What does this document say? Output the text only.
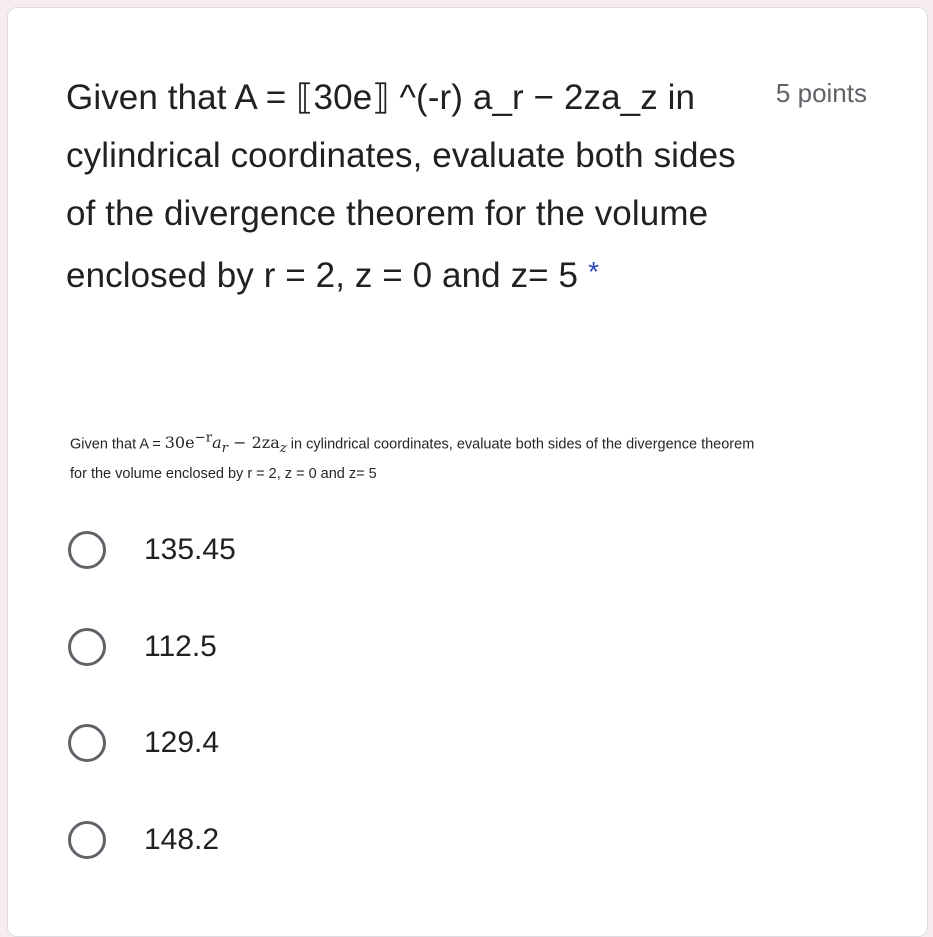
Given that A = ⟦30e⟧ ^(-r) a_r − 2za_z in cylindrical coordinates, evaluate both sides of the divergence theorem for the volume enclosed by r = 2, z = 0 and z= 5 *
5 points
Given that $A = 30e^{-r}a_r - 2za_z$ in cylindrical coordinates, evaluate both sides of the divergence theorem
for the volume enclosed by r = 2, z = 0 and z= 5
135.45
112.5
129.4
148.2
